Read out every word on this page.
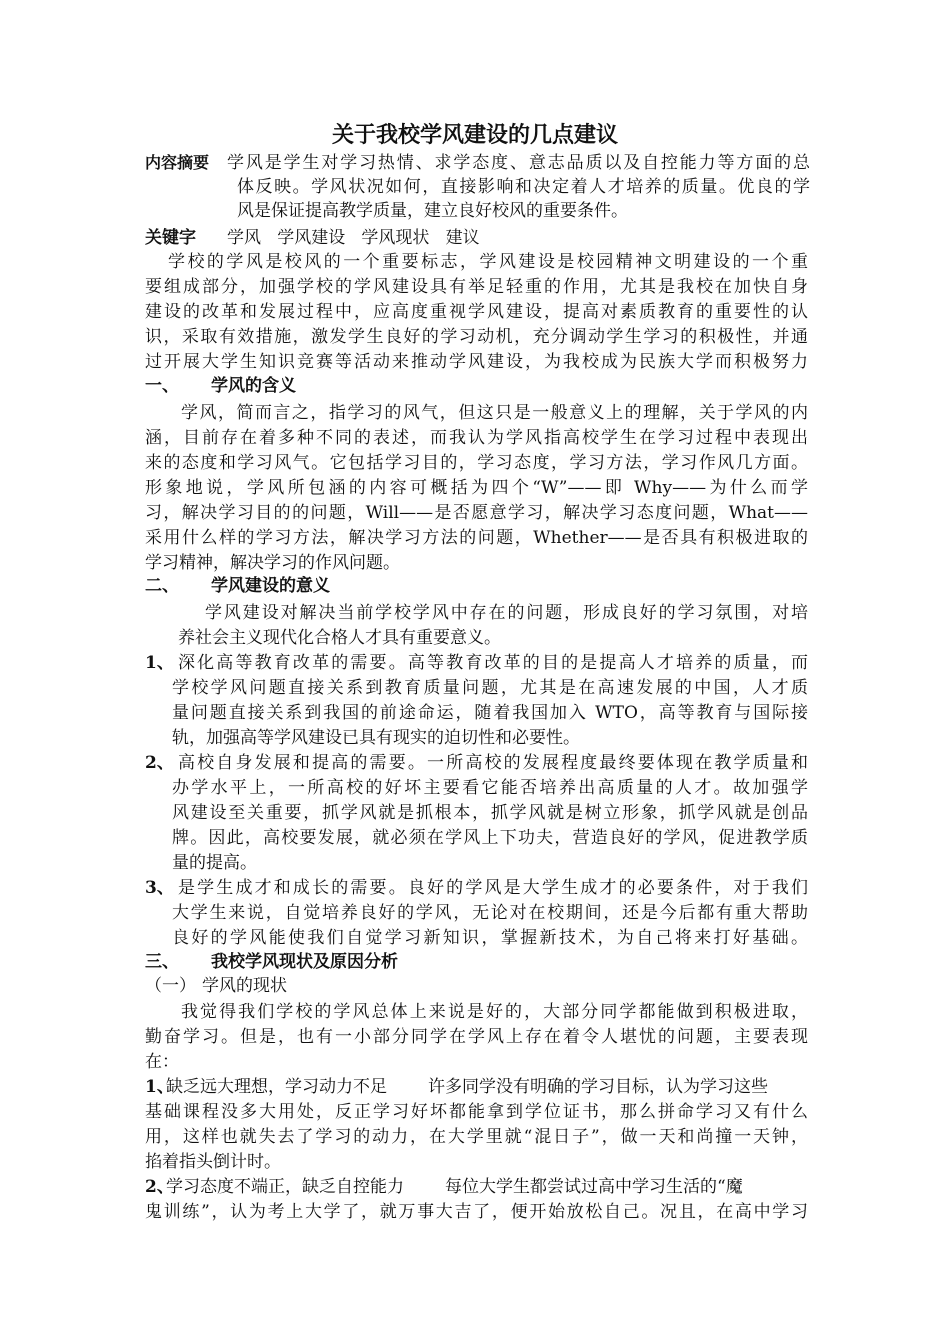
关于我校学风建设的几点建议
内容摘要 学风是学生对学习热情、求学态度、意志品质以及自控能力等方面的总
体反映。学风状况如何，直接影响和决定着人才培养的质量。优良的学
风是保证提高教学质量，建立良好校风的重要条件。
关键字 学风   学风建设   学风现状   建议
学校的学风是校风的一个重要标志，学风建设是校园精神文明建设的一个重
要组成部分，加强学校的学风建设具有举足轻重的作用，尤其是我校在加快自身
建设的改革和发展过程中，应高度重视学风建设，提高对素质教育的重要性的认
识，采取有效措施，激发学生良好的学习动机，充分调动学生学习的积极性，并通
过开展大学生知识竞赛等活动来推动学风建设，为我校成为民族大学而积极努力
一、 学风的含义
学风，简而言之，指学习的风气，但这只是一般意义上的理解，关于学风的内
涵，目前存在着多种不同的表述，而我认为学风指高校学生在学习过程中表现出
来的态度和学习风气。它包括学习目的，学习态度，学习方法，学习作风几方面。
形象地说，学风所包涵的内容可概括为四个“W”——即 Why——为什么而学
习，解决学习目的的问题，Will——是否愿意学习，解决学习态度问题，What——
采用什么样的学习方法，解决学习方法的问题，Whether——是否具有积极进取的
学习精神，解决学习的作风问题。
二、 学风建设的意义
学风建设对解决当前学校学风中存在的问题，形成良好的学习氛围，对培
养社会主义现代化合格人才具有重要意义。
1、 深化高等教育改革的需要。高等教育改革的目的是提高人才培养的质量，而
学校学风问题直接关系到教育质量问题，尤其是在高速发展的中国，人才质
量问题直接关系到我国的前途命运，随着我国加入 WTO，高等教育与国际接
轨，加强高等学风建设已具有现实的迫切性和必要性。
2、 高校自身发展和提高的需要。一所高校的发展程度最终要体现在教学质量和
办学水平上，一所高校的好坏主要看它能否培养出高质量的人才。故加强学
风建设至关重要，抓学风就是抓根本，抓学风就是树立形象，抓学风就是创品
牌。因此，高校要发展，就必须在学风上下功夫，营造良好的学风，促进教学质
量的提高。
3、 是学生成才和成长的需要。良好的学风是大学生成才的必要条件，对于我们
大学生来说，自觉培养良好的学风，无论对在校期间，还是今后都有重大帮助
良好的学风能使我们自觉学习新知识，掌握新技术，为自己将来打好基础。
三、 我校学风现状及原因分析
（一） 学风的现状
我觉得我们学校的学风总体上来说是好的，大部分同学都能做到积极进取，
勤奋学习。但是，也有一小部分同学在学风上存在着令人堪忧的问题，主要表现
在：
1、
缺乏远大理想，学习动力不足 许多同学没有明确的学习目标，认为学习这些
基础课程没多大用处，反正学习好坏都能拿到学位证书，那么拼命学习又有什么
用，这样也就失去了学习的动力，在大学里就“混日子”，做一天和尚撞一天钟，
掐着指头倒计时。
2、
学习态度不端正，缺乏自控能力 每位大学生都尝试过高中学习生活的“魔
鬼训练”，认为考上大学了，就万事大吉了，便开始放松自己。况且，在高中学习
